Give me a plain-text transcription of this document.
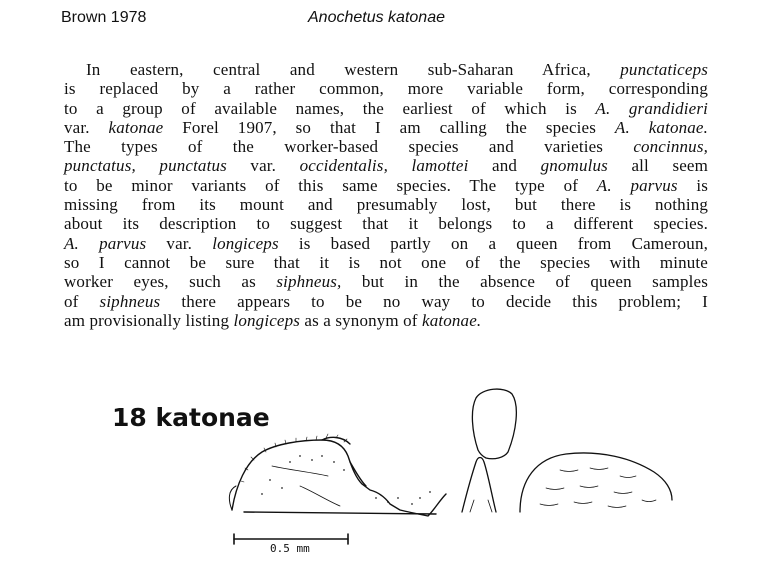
Brown 1978	Anochetus katonae
In eastern, central and western sub-Saharan Africa, punctaticeps
is replaced by a rather common, more variable form, corresponding
to a group of available names, the earliest of which is A. grandidieri
var. katonae Forel 1907, so that I am calling the species A. katonae.
The types of the worker-based species and varieties concinnus,
punctatus, punctatus var. occidentalis, lamottei and gnomulus all seem
to be minor variants of this same species. The type of A. parvus is
missing from its mount and presumably lost, but there is nothing
about its description to suggest that it belongs to a different species.
A. parvus var. longiceps is based partly on a queen from Cameroun,
so I cannot be sure that it is not one of the species with minute
worker eyes, such as siphneus, but in the absence of queen samples
of siphneus there appears to be no way to decide this problem; I
am provisionally listing longiceps as a synonym of katonae.
18 katonae
0.5 mm
